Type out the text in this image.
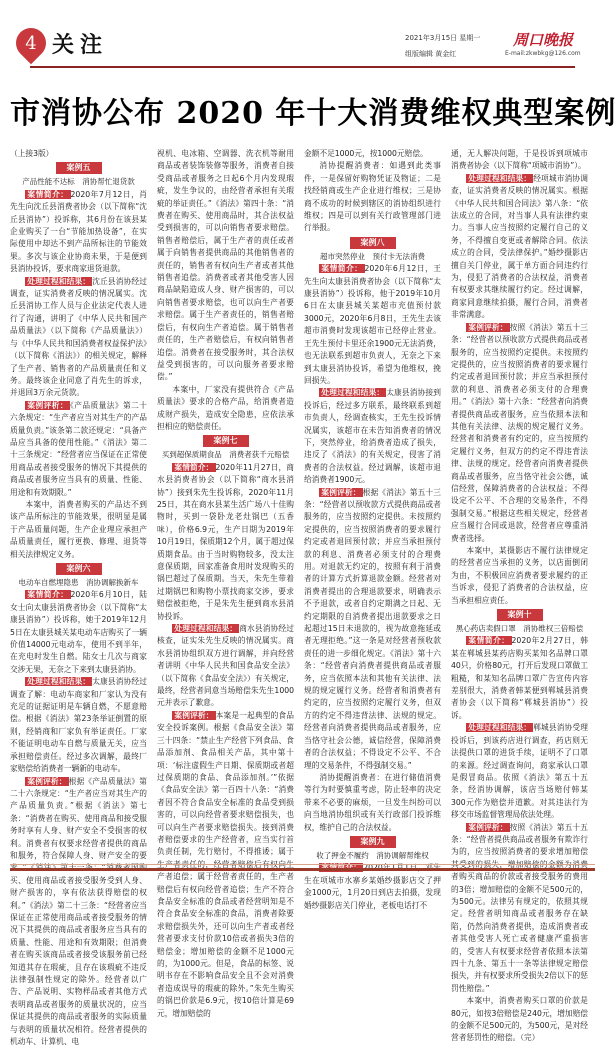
4 关注	2021年3月15日 星期一
组版编辑 黄金红
周口晚报
E-mail:zkwbkg@126.com
市消协公布 2020 年十大消费维权典型案例

（上接3版）

案例五
产品性能不达标　消协帮忙退货款

案情简介： 2020年7月12日，肖先生向沈丘县消费者协会（以下简称“沈丘县消协”）投诉称，其6月份在该县某企业购买了一台“节能加热设备”，在实际使用中却达不到产品所标注的节能效果。多次与该企业协商未果，于是便到县消协投诉，要求商家退货退款。

处理过程和结果： 沈丘县消协经过调查，证实消费者反映的情况属实。沈丘县消协工作人员与企业法定代表人进行了沟通，讲明了《中华人民共和国产品质量法》（以下简称《产品质量法》）与《中华人民共和国消费者权益保护法》（以下简称《消法》）的相关规定，解释了生产者、销售者的产品质量责任和义务。最终该企业同意了肖先生的诉求，并退回3万余元货款。

案例评析： 《产品质量法》第二十六条规定：“生产者应当对其生产的产品质量负责。”该条第二款还规定：“具备产品应当具备的使用性能。”《消法》第二十三条规定：“经营者应当保证在正常使用商品或者接受服务的情况下其提供的商品或者服务应当具有的质量、性能、用途和有效期限。”

本案中，消费者购买的产品达不到该产品所标注的节能效果，很明显是属于产品质量问题，生产企业理应承担产品质量责任，履行更换、修理、退货等相关法律规定义务。

案例六
电动车自燃埋隐患　消协调解换新车

案情简介： 2020年6月10日，陆女士向太康县消费者协会（以下简称“太康县消协”）投诉称，她于2019年12月5日在太康县城关某电动车店购买了一辆价值14000元电动车，使用不到半年，在充电时发生自燃。陆女士几次与商家交涉无果，无奈之下来到太康县消协。

处理过程和结果： 太康县消协经过调查了解：电动车商家和厂家认为没有充足的证据证明是车辆自燃，不愿意赔偿。根据《消法》第23条举证倒置的原则，经销商和厂家负有举证责任。厂家不能证明电动车自燃与质量无关，应当承担赔偿责任。经过多次调解，最终厂家赔偿给消费者一辆新的电动车。

案例评析： 根据《产品质量法》第二十六条规定：“生产者应当对其生产的产品质量负责。”根据《消法》第七条：“消费者在购买、使用商品和接受服务时享有人身、财产安全不受损害的权利。消费者有权要求经营者提供的商品和服务，符合保障人身、财产安全的要 买、使用商品或者接受服务受到人身、财产损害的，享有依法获得赔偿的权利。”《消法》第二十三条：“经营者应当保证在正常使用商品或者接受服务的情况下其提供的商品或者服务应当具有的质量、性能、用途和有效期限；但消费者在购买该商品或者接受该服务前已经知道其存在瑕疵，且存在该瑕疵不违反法律强制性规定的除外。经营者以广告、产品说明、实物样品或者其他方式表明商品或者服务的质量状况的，应当保证其提供的商品或者服务的实际质量与表明的质量状况相符。经营者提供的机动车、计算机、电

视机、电冰箱、空调器、洗衣机等耐用商品或者装饰装修等服务，消费者自接受商品或者服务之日起6个月内发现瑕疵，发生争议的，由经营者承担有关瑕疵的举证责任。”《消法》第四十条：“消费者在购买、使用商品时，其合法权益受到损害的，可以向销售者要求赔偿。销售者赔偿后，属于生产者的责任或者属于向销售者提供商品的其他销售者的责任的，销售者有权向生产者或者其他销售者追偿。消费者或者其他受害人因商品缺陷造成人身、财产损害的，可以向销售者要求赔偿，也可以向生产者要求赔偿。属于生产者责任的，销售者赔偿后，有权向生产者追偿。属于销售者责任的，生产者赔偿后，有权向销售者追偿。消费者在接受服务时，其合法权益受到损害的，可以向服务者要求赔偿。”

本案中，厂家没有提供符合《产品质量法》要求的合格产品，给消费者造成财产损失，造成安全隐患，应依法承担相应的赔偿责任。

案例七
买到超保质期食品　消费者获千元赔偿

案情简介： 2020年11月27日，商水县消费者协会（以下简称“商水县消协”）接到朱先生投诉称，2020年11月25日，其在商水县某生活广场八十佳购物时，买到一袋卧龙老灶锅巴（五香味），价格6.9元，生产日期为2019年10月19日，保质期12个月，属于超过保质期食品。由于当时购物较多，没太注意保质期，回家准备食用时发现购买的锅巴超过了保质期。当天，朱先生带着过期锅巴和购物小票找商家交涉，要求赔偿被拒绝，于是朱先生便到商水县消协投诉。

处理过程和结果： 商水县消协经过核查，证实朱先生反映的情况属实。商水县消协组织双方进行调解，并向经营者讲明《中华人民共和国食品安全法》（以下简称《食品安全法》）有关规定，最终，经营者同意当场赔偿朱先生1000元并表示了歉意。

案例评析： 本案是一起典型的食品安全投诉案例。根据《食品安全法》第三十四条：“禁止生产经营下列食品、食品添加剂、食品相关产品，其中第十项：‘标注虚假生产日期、保质期或者超过保质期的食品、食品添加剂。’”依据《食品安全法》第一百四十八条：“消费者因不符合食品安全标准的食品受到损害的，可以向经营者要求赔偿损失，也可以向生产者要求赔偿损失。接到消费者赔偿要求的生产经营者，应当实行首负责任制，先行赔付，不得推诿；属于 产者追偿；属于经营者责任的，生产者赔偿后有权向经营者追偿；生产不符合食品安全标准的食品或者经营明知是不符合食品安全标准的食品，消费者除要求赔偿损失外，还可以向生产者或者经营者要求支付价款10倍或者损失3倍的赔偿金；增加赔偿的金额不足1000元的，为1000元。但是，食品的标签、说明书存在不影响食品安全且不会对消费者造成误导的瑕疵的除外。”朱先生购买的锅巴价款是6.9元，按10倍计算是69元，增加赔偿的

金额不足1000元，按1000元赔偿。

消协提醒消费者：如遇到此类事件，一是保留好购物凭证及物证；二是找经销商或生产企业进行维权；三是协商不成功的时候到辖区的消协组织进行维权；四是可以到有关行政管理部门进行举报。

案例八
超市突然停业　预付卡无法消费

案情简介： 2020年6月12日，王先生向太康县消费者协会（以下简称“太康县消协”）投诉称，他于2019年10月6日在太康县城关某超市充值预付款3000元，2020年6月8日，王先生去该超市消费时发现该超市已经停止营业。王先生预付卡里还余1900元无法消费，也无法联系到超市负责人，无奈之下来到太康县消协投诉，希望为他维权，挽回损失。

处理过程和结果： 太康县消协接到投诉后，经过多方联系，最终联系到超市负责人，经调查核实，王先生投诉情况属实，该超市在未告知消费者的情况下，突然停业，给消费者造成了损失，违反了《消法》的有关规定，侵害了消费者的合法权益。经过调解，该超市退给消费者1900元。

案例评析： 根据《消法》第五十三条：“经营者以预收款方式提供商品或者服务的，应当按照约定提供。未按照约定提供的，应当按照消费者的要求履行约定或者退回预付款；并应当承担预付款的利息、消费者必须支付的合理费用。对退款无约定的，按照有利于消费者的计算方式折算退款金额。经营者对消费者提出的合理退款要求，明确表示不予退款，或者自约定期满之日起、无约定期限的自消费者提出退款要求之日起超过15日未退款的，视为故意拖延或者无理拒绝。”这一条是对经营者预收款责任的进一步细化规定。《消法》第十六条：“经营者向消费者提供商品或者服务，应当依照本法和其他有关法律、法规的规定履行义务。经营者和消费者有约定的，应当按照约定履行义务，但双方的约定不得违背法律、法规的规定。经营者向消费者提供商品或者服务，应当恪守社会公德，诚信经营，保障消费者的合法权益；不得设定不公平、不合理的交易条件，不得强制交易。”

消协提醒消费者：在进行储值消费等行为时要慎重考虑，防止轻率的决定带来不必要的麻烦，一旦发生纠纷可以向当地消协组织或有关行政部门投诉维权，维护自己的合法权益。

案例九
收了押金不履约　消协调解帮维权

生在项城市水寨乡某婚纱摄影店交了押金1000元，1月20日到店去拍摄，发现婚纱摄影店关门停业，老板电话打不

通，无人解决问题，于是投诉到项城市消费者协会（以下简称“项城市消协”）。

处理过程和结果： 经项城市消协调查，证实消费者反映的情况属实。根据《中华人民共和国合同法》第八条：“依法成立的合同，对当事人具有法律约束力。当事人应当按照约定履行自己的义务，不得擅自变更或者解除合同。依法成立的合同，受法律保护。”婚纱摄影店擅自关门停业，属于单方面合同违约行为，侵犯了消费者的合法权益，消费者有权要求其继续履行约定。经过调解，商家同意继续拍摄，履行合同，消费者非常满意。

案例评析： 按照《消法》第五十三条：“经营者以预收款方式提供商品或者服务的，应当按照约定提供。未按照约定提供的，应当按照消费者的要求履行约定或者退回预付款；并应当承担预付款的利息、消费者必须支付的合理费用。”《消法》第十六条：“经营者向消费者提供商品或者服务，应当依照本法和其他有关法律、法规的规定履行义务。经营者和消费者有约定的，应当按照约定履行义务，但双方的约定不得违背法律、法规的规定。经营者向消费者提供商品或者服务，应当恪守社会公德，诚信经营，保障消费者的合法权益；不得设定不公平、不合理的交易条件，不得强制交易。”根据这些相关规定，经营者应当履行合同或退款，经营者应尊重消费者选择。

本案中，某摄影店不履行法律规定的经营者应当承担的义务，以店面倒闭为由，不积极回应消费者要求履约的正当诉求，侵犯了消费者的合法权益，应当承担相应责任。

案例十
黑心药店卖假口罩　消协维权三倍赔偿

案情简介： 2020年2月27日，韩某在郸城县某药店购买某知名品牌口罩40只，价格80元，打开后发现口罩做工粗糙，和某知名品牌口罩广告宣传内容差别很大，消费者韩某便到郸城县消费者协会（以下简称“郸城县消协”）投诉。

处理过程和结果： 郸城县消协受理投诉后，到该药店进行调查，药店则无法提供口罩的进货手续，证明不了口罩的来源。经过调查询问，商家承认口罩是假冒商品。依照《消法》第五十五条，经消协调解，该店当场赔付韩某300元作为赔偿并道歉。对其违法行为移交市场监督管理局依法处理。

案例评析： 按照《消法》第五十五条：“经营者提供商品或者服务有欺诈行为的，应当按照消费者的要求增加赔偿 者购买商品的价款或者接受服务的费用的3倍；增加赔偿的金额不足500元的，为500元。法律另有规定的，依照其规定。经营者明知商品或者服务存在缺陷，仍然向消费者提供，造成消费者或者其他受害人死亡或者健康严重损害的，受害人有权要求经营者依照本法第四十九条、第五十一条等法律规定赔偿损失，并有权要求所受损失2倍以下的惩罚性赔偿。”

本案中，消费者购买口罩的价款是80元，如按3倍赔偿是240元，增加赔偿的金额不足500元的，为500元，是对经营者惩罚性的赔偿。（完）
